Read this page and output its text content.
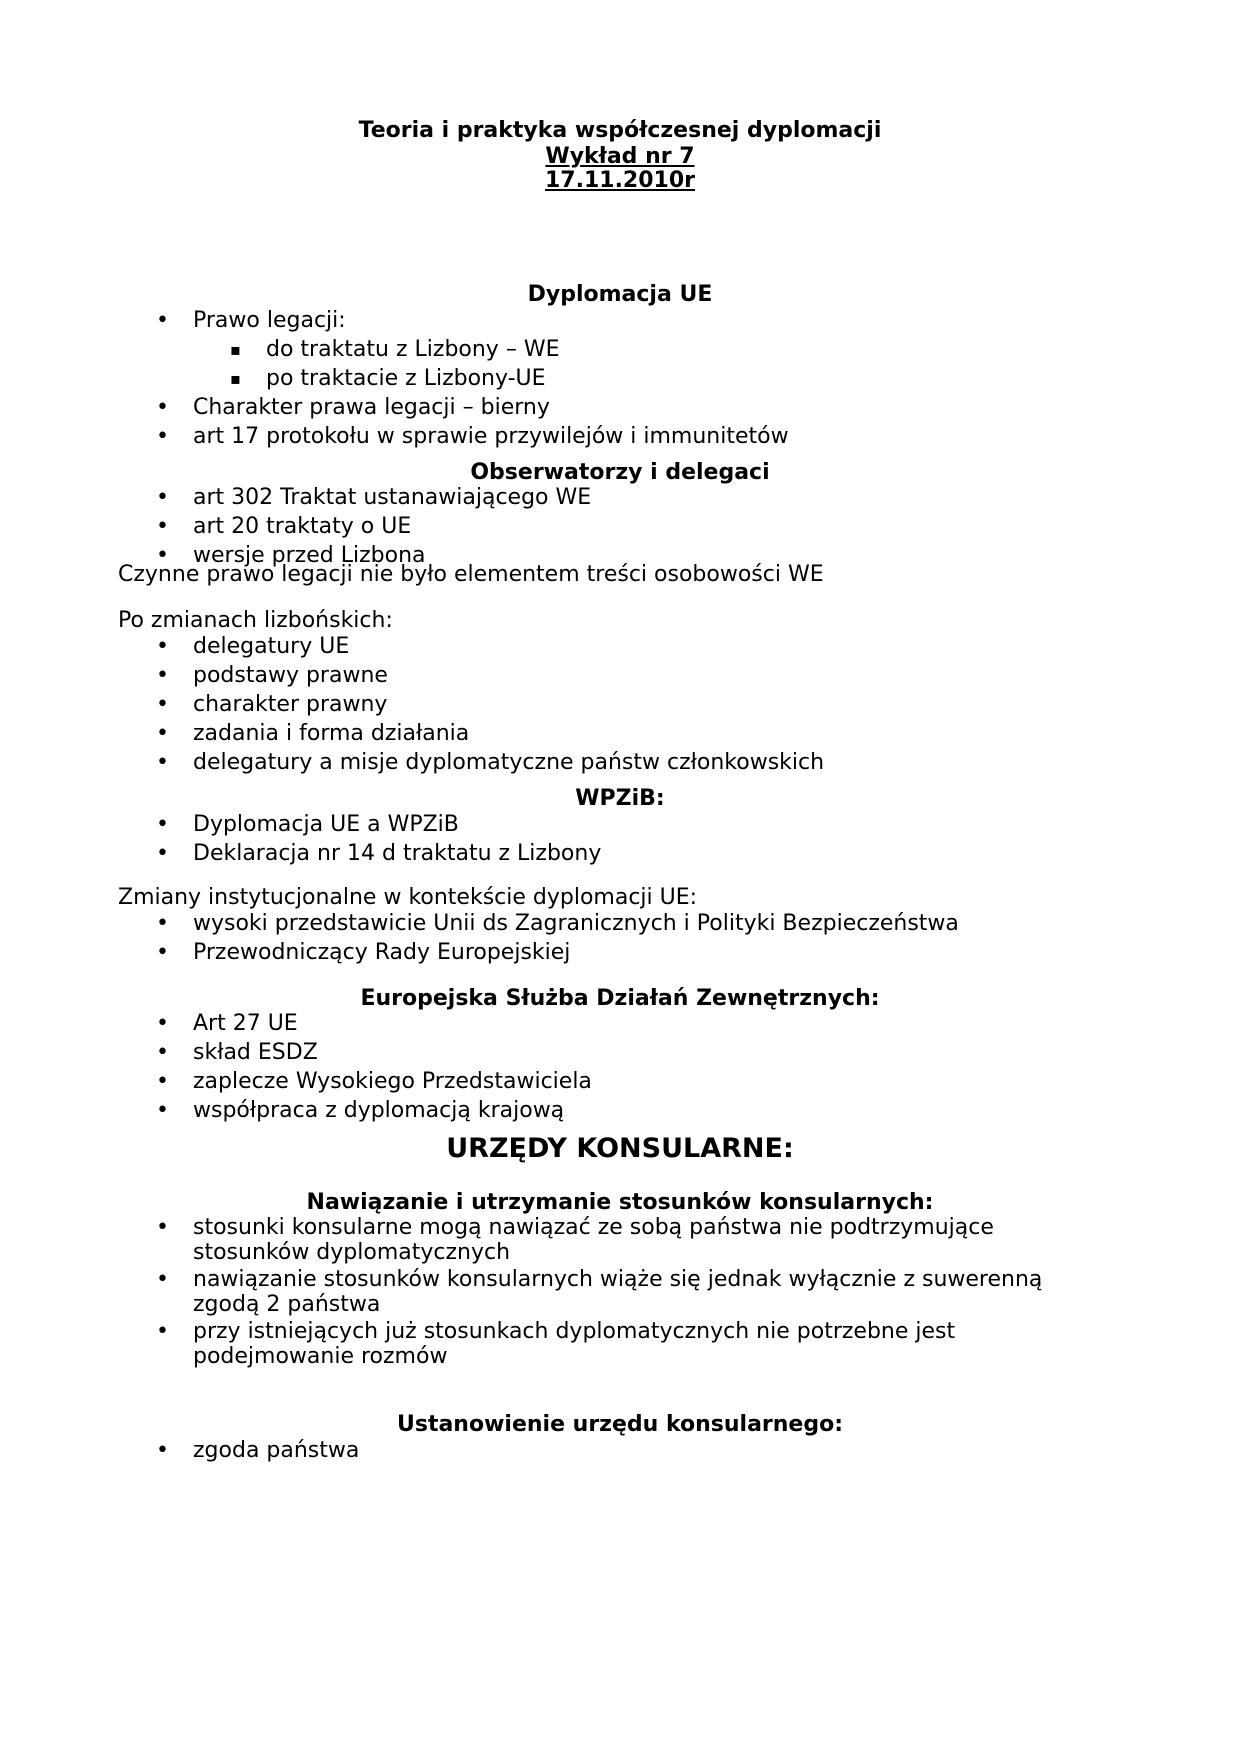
Teoria i praktyka współczesnej dyplomacji

Wykład nr 7

17.11.2010r

Dyplomacja UE
• Prawo legacji:
▪ do traktatu z Lizbony – WE
▪ po traktacie z Lizbony-UE
• Charakter prawa legacji – bierny
• art 17 protokołu w sprawie przywilejów i immunitetów
Obserwatorzy i delegaci
• art 302 Traktat ustanawiającego WE
• art 20 traktaty o UE
• wersje przed Lizbona

Czynne prawo legacji nie było elementem treści osobowości WE

Po zmianach lizbońskich:

• delegatury UE
• podstawy prawne
• charakter prawny
• zadania i forma działania
• delegatury a misje dyplomatyczne państw członkowskich
WPZiB:
• Dyplomacja UE a WPZiB
• Deklaracja nr 14 d traktatu z Lizbony

Zmiany instytucjonalne w kontekście dyplomacji UE:

• wysoki przedstawicie Unii ds Zagranicznych i Polityki Bezpieczeństwa
• Przewodniczący Rady Europejskiej
Europejska Służba Działań Zewnętrznych:
• Art 27 UE
• skład ESDZ
• zaplecze Wysokiego Przedstawiciela
• współpraca z dyplomacją krajową
URZĘDY KONSULARNE:
Nawiązanie i utrzymanie stosunków konsularnych:
• stosunki konsularne mogą nawiązać ze sobą państwa nie podtrzymujące stosunków dyplomatycznych
• nawiązanie stosunków konsularnych wiąże się jednak wyłącznie z suwerenną zgodą 2 państwa
• przy istniejących już stosunkach dyplomatycznych nie potrzebne jest podejmowanie rozmów
Ustanowienie urzędu konsularnego:
• zgoda państwa
